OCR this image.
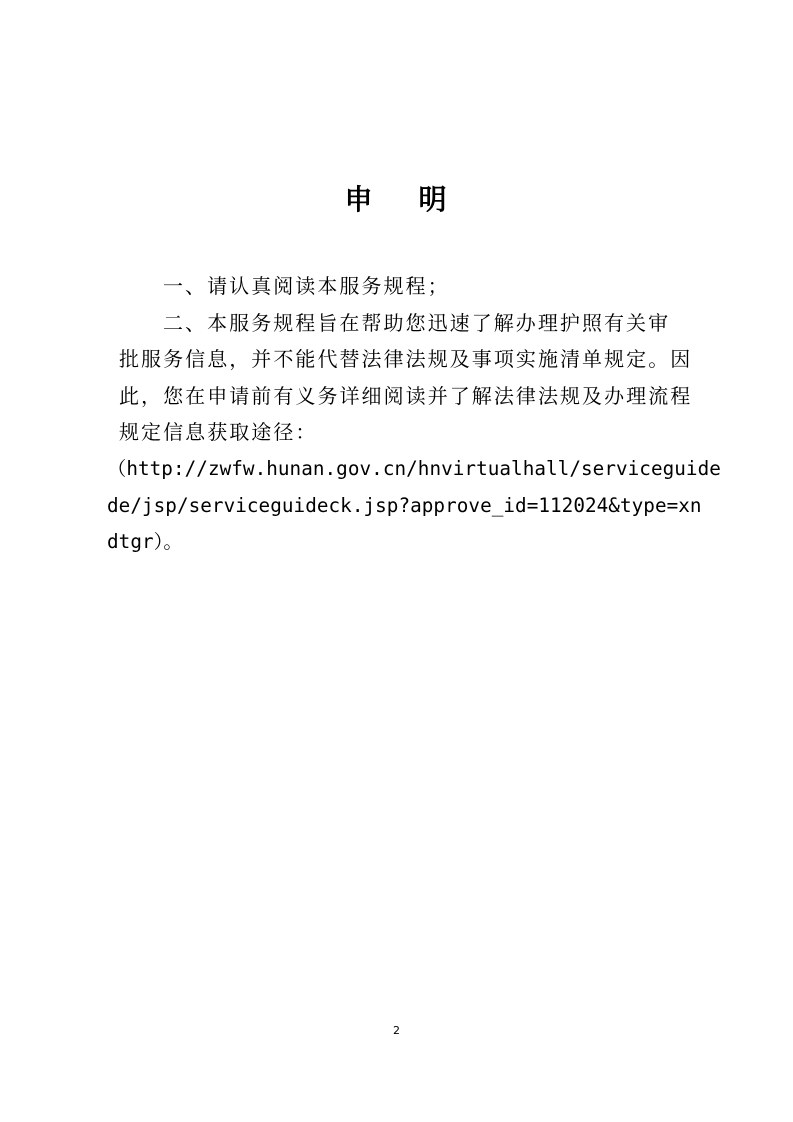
申 明
一、请认真阅读本服务规程；
二、本服务规程旨在帮助您迅速了解办理护照有关审
批服务信息，并不能代替法律法规及事项实施清单规定。因
此，您在申请前有义务详细阅读并了解法律法规及办理流程
规定信息获取途径：
（http://zwfw.hunan.gov.cn/hnvirtualhall/serviceguide
de/jsp/serviceguideck.jsp?approve_id=112024&type=xn
dtgr）。
2
